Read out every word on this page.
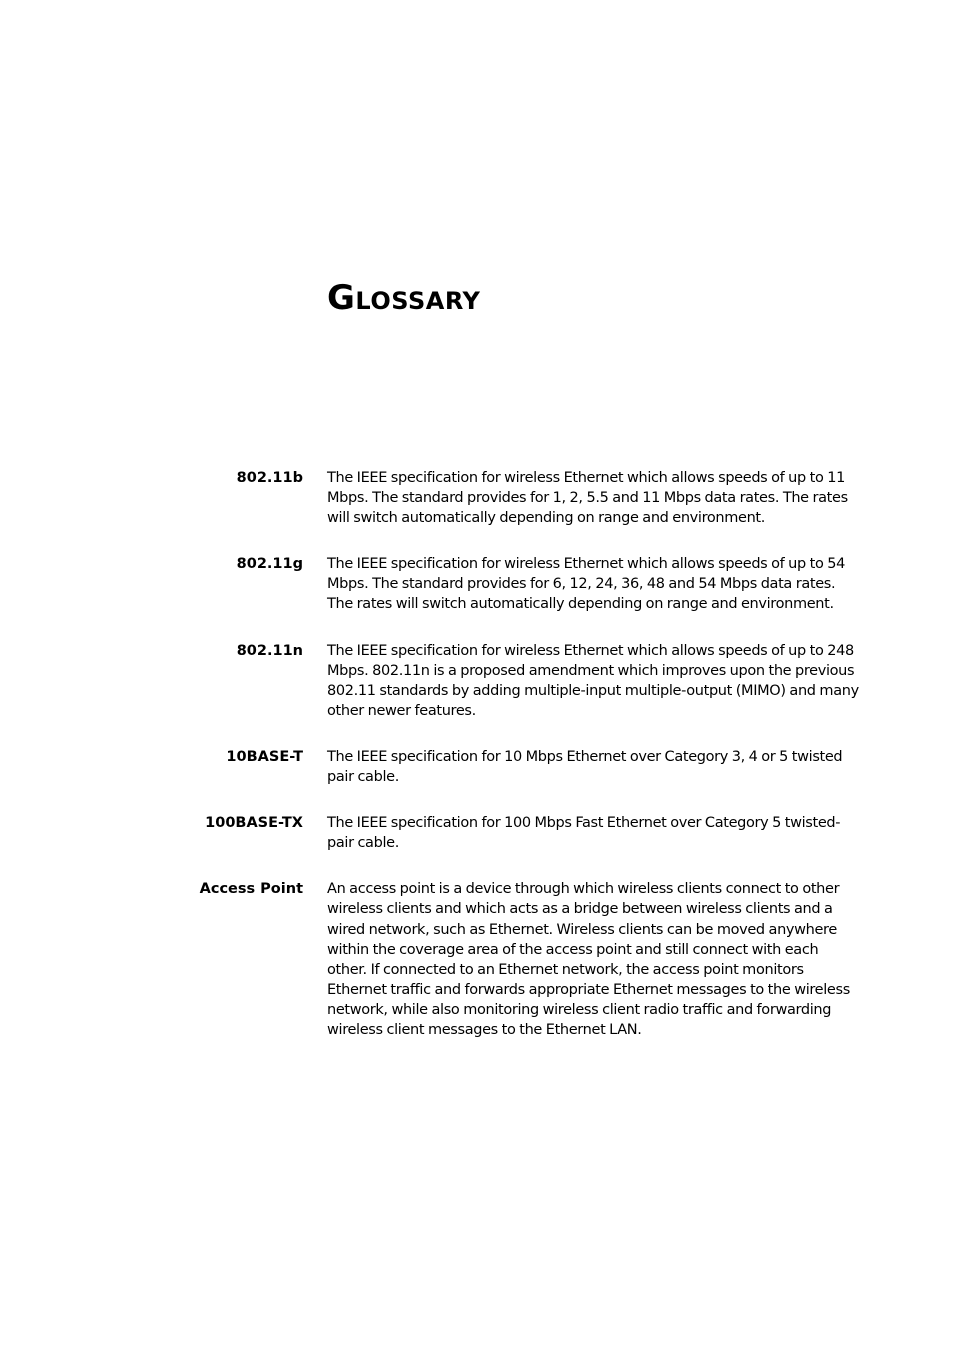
Glossary
802.11b The IEEE specification for wireless Ethernet which allows speeds of up to 11 Mbps. The standard provides for 1, 2, 5.5 and 11 Mbps data rates. The rates will switch automatically depending on range and environment.
802.11g The IEEE specification for wireless Ethernet which allows speeds of up to 54 Mbps. The standard provides for 6, 12, 24, 36, 48 and 54 Mbps data rates. The rates will switch automatically depending on range and environment.
802.11n The IEEE specification for wireless Ethernet which allows speeds of up to 248 Mbps. 802.11n is a proposed amendment which improves upon the previous 802.11 standards by adding multiple-input multiple-output (MIMO) and many other newer features.
10BASE-T The IEEE specification for 10 Mbps Ethernet over Category 3, 4 or 5 twisted pair cable.
100BASE-TX The IEEE specification for 100 Mbps Fast Ethernet over Category 5 twisted-pair cable.
Access Point An access point is a device through which wireless clients connect to other wireless clients and which acts as a bridge between wireless clients and a wired network, such as Ethernet. Wireless clients can be moved anywhere within the coverage area of the access point and still connect with each other. If connected to an Ethernet network, the access point monitors Ethernet traffic and forwards appropriate Ethernet messages to the wireless network, while also monitoring wireless client radio traffic and forwarding wireless client messages to the Ethernet LAN.
